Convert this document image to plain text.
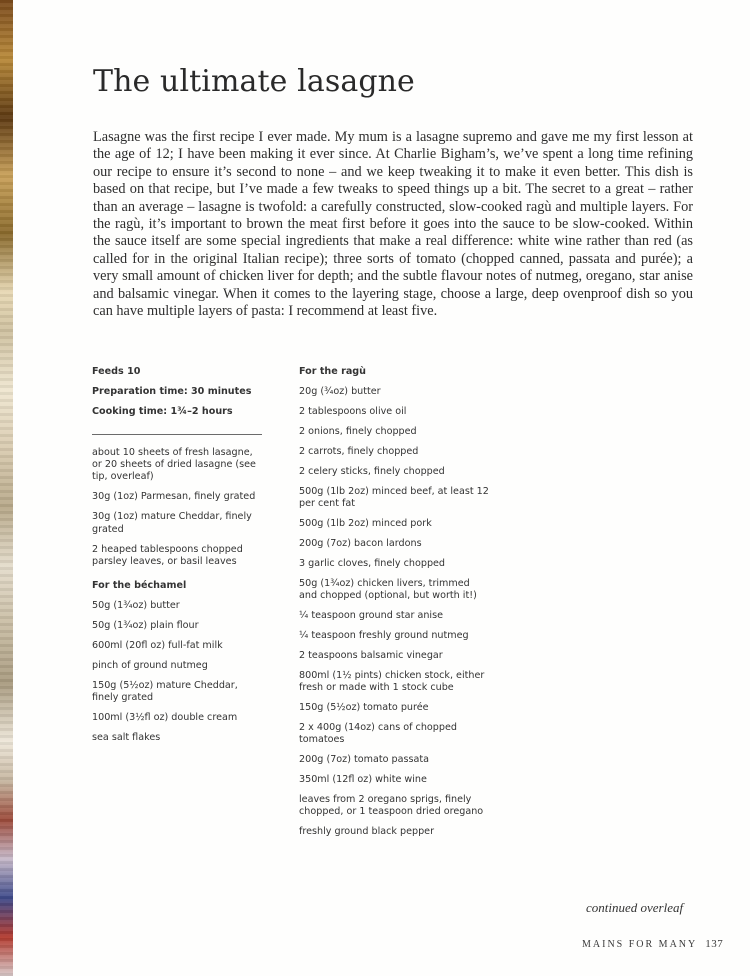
The ultimate lasagne

Lasagne was the first recipe I ever made. My mum is a lasagne supremo and gave me my first lesson at the age of 12; I have been making it ever since. At Charlie Bigham’s, we’ve spent a long time refining our recipe to ensure it’s second to none – and we keep tweaking it to make it even better. This dish is based on that recipe, but I’ve made a few tweaks to speed things up a bit. The secret to a great – rather than an average – lasagne is twofold: a carefully constructed, slow-cooked ragù and multiple layers. For the ragù, it’s important to brown the meat first before it goes into the sauce to be slow-cooked. Within the sauce itself are some special ingredients that make a real difference: white wine rather than red (as called for in the original Italian recipe); three sorts of tomato (chopped canned, passata and purée); a very small amount of chicken liver for depth; and the subtle flavour notes of nutmeg, oregano, star anise and balsamic vinegar. When it comes to the layering stage, choose a large, deep ovenproof dish so you can have multiple layers of pasta: I recommend at least five.

Feeds 10
Preparation time: 30 minutes
Cooking time: 1¾–2 hours
about 10 sheets of fresh lasagne, or 20 sheets of dried lasagne (see tip, overleaf)
30g (1oz) Parmesan, finely grated
30g (1oz) mature Cheddar, finely grated
2 heaped tablespoons chopped parsley leaves, or basil leaves
For the béchamel
50g (1¾oz) butter
50g (1¾oz) plain flour
600ml (20fl oz) full-fat milk
pinch of ground nutmeg
150g (5½oz) mature Cheddar, finely grated
100ml (3½fl oz) double cream
sea salt flakes
For the ragù
20g (¾oz) butter
2 tablespoons olive oil
2 onions, finely chopped
2 carrots, finely chopped
2 celery sticks, finely chopped
500g (1lb 2oz) minced beef, at least 12 per cent fat
500g (1lb 2oz) minced pork
200g (7oz) bacon lardons
3 garlic cloves, finely chopped
50g (1¾oz) chicken livers, trimmed and chopped (optional, but worth it!)
¼ teaspoon ground star anise
¼ teaspoon freshly ground nutmeg
2 teaspoons balsamic vinegar
800ml (1½ pints) chicken stock, either fresh or made with 1 stock cube
150g (5½oz) tomato purée
2 x 400g (14oz) cans of chopped tomatoes
200g (7oz) tomato passata
350ml (12fl oz) white wine
leaves from 2 oregano sprigs, finely chopped, or 1 teaspoon dried oregano
freshly ground black pepper
continued overleaf
MAINS FOR MANY 137
